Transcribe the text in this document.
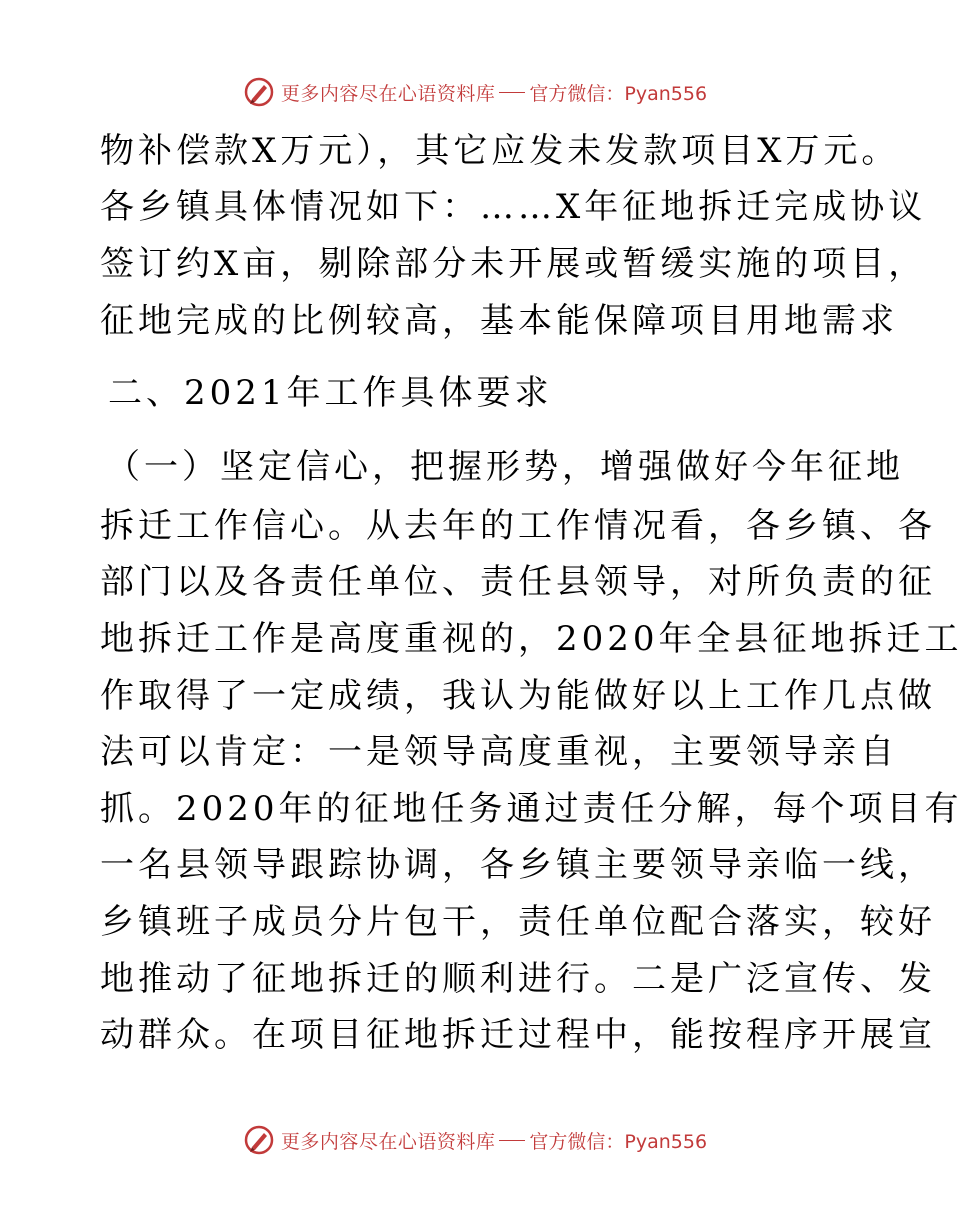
更多内容尽在心语资料库 官方微信：Pyan556
物补偿款X万元），其它应发未发款项目X万元。
各乡镇具体情况如下：……X年征地拆迁完成协议
签订约X亩，剔除部分未开展或暂缓实施的项目，
征地完成的比例较高，基本能保障项目用地需求
二、2021年工作具体要求
（一）坚定信心，把握形势，增强做好今年征地
拆迁工作信心。从去年的工作情况看，各乡镇、各
部门以及各责任单位、责任县领导，对所负责的征
地拆迁工作是高度重视的，2020年全县征地拆迁工
作取得了一定成绩，我认为能做好以上工作几点做
法可以肯定：一是领导高度重视，主要领导亲自
抓。2020年的征地任务通过责任分解，每个项目有
一名县领导跟踪协调，各乡镇主要领导亲临一线，
乡镇班子成员分片包干，责任单位配合落实，较好
地推动了征地拆迁的顺利进行。二是广泛宣传、发
动群众。在项目征地拆迁过程中，能按程序开展宣
更多内容尽在心语资料库 官方微信：Pyan556
